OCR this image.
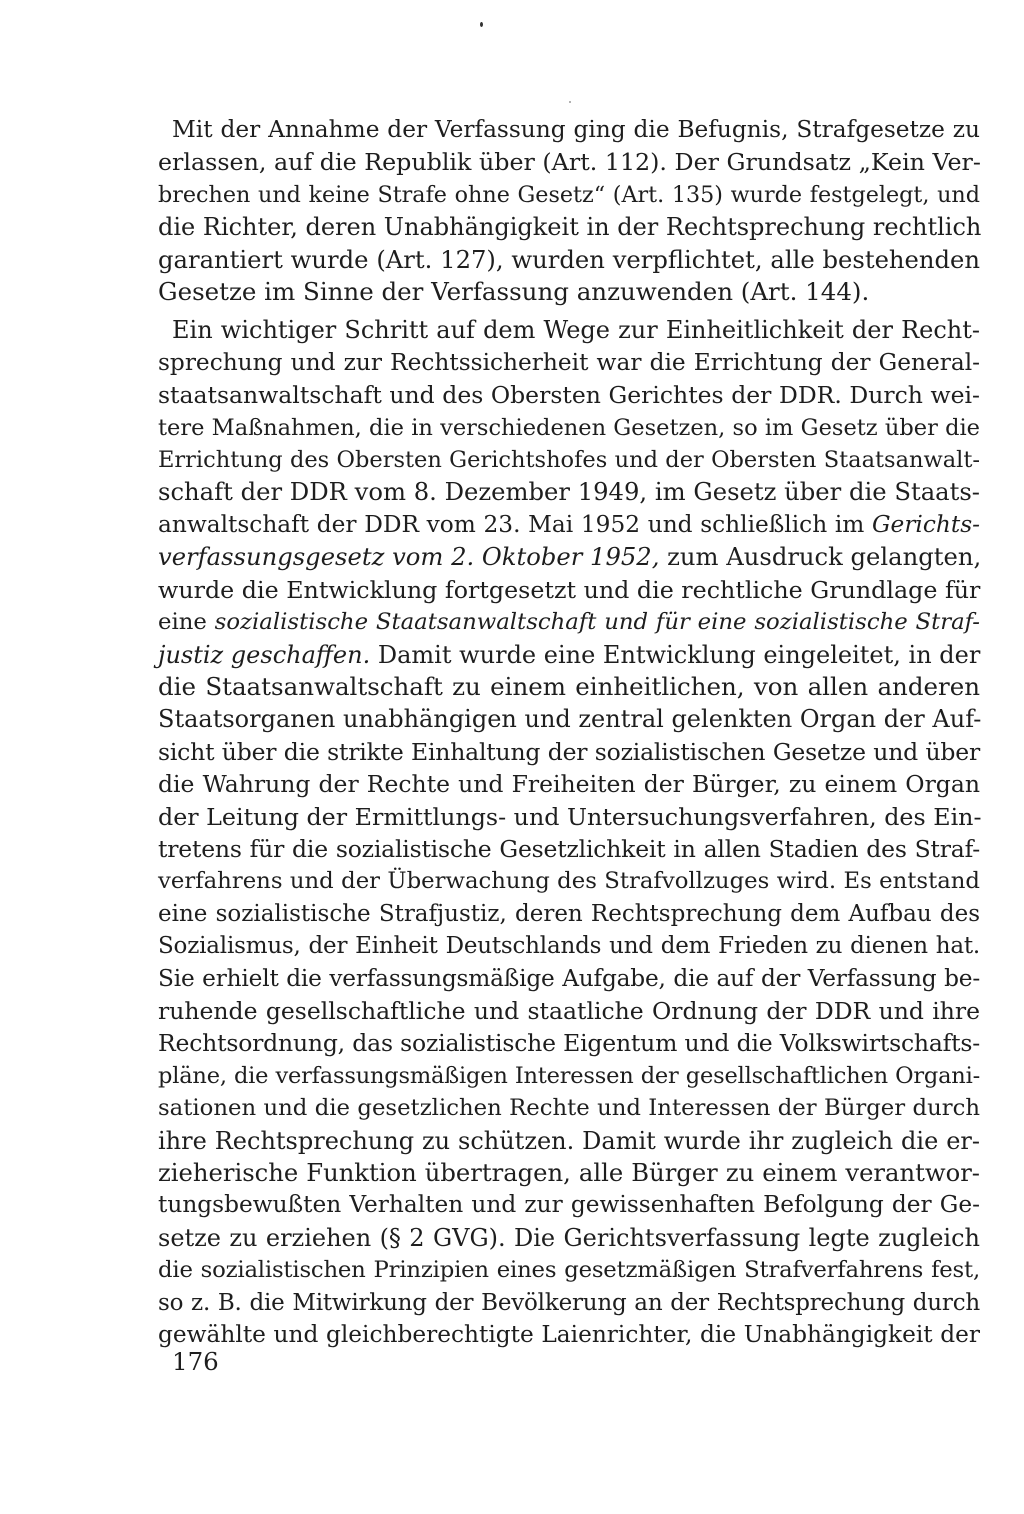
Mit der Annahme der Verfassung ging die Befugnis, Strafgesetze zu
erlassen, auf die Republik über (Art. 112). Der Grundsatz „Kein Ver-
brechen und keine Strafe ohne Gesetz“ (Art. 135) wurde festgelegt, und
die Richter, deren Unabhängigkeit in der Rechtsprechung rechtlich
garantiert wurde (Art. 127), wurden verpflichtet, alle bestehenden
Gesetze im Sinne der Verfassung anzuwenden (Art. 144).
Ein wichtiger Schritt auf dem Wege zur Einheitlichkeit der Recht-
sprechung und zur Rechtssicherheit war die Errichtung der General-
staatsanwaltschaft und des Obersten Gerichtes der DDR. Durch wei-
tere Maßnahmen, die in verschiedenen Gesetzen, so im Gesetz über die
Errichtung des Obersten Gerichtshofes und der Obersten Staatsanwalt-
schaft der DDR vom 8. Dezember 1949, im Gesetz über die Staats-
anwaltschaft der DDR vom 23. Mai 1952 und schließlich im Gerichts-
verfassungsgesetz vom 2. Oktober 1952, zum Ausdruck gelangten,
wurde die Entwicklung fortgesetzt und die rechtliche Grundlage für
eine sozialistische Staatsanwaltschaft und für eine sozialistische Straf-
justiz geschaffen. Damit wurde eine Entwicklung eingeleitet, in der
die Staatsanwaltschaft zu einem einheitlichen, von allen anderen
Staatsorganen unabhängigen und zentral gelenkten Organ der Auf-
sicht über die strikte Einhaltung der sozialistischen Gesetze und über
die Wahrung der Rechte und Freiheiten der Bürger, zu einem Organ
der Leitung der Ermittlungs- und Untersuchungsverfahren, des Ein-
tretens für die sozialistische Gesetzlichkeit in allen Stadien des Straf-
verfahrens und der Überwachung des Strafvollzuges wird. Es entstand
eine sozialistische Strafjustiz, deren Rechtsprechung dem Aufbau des
Sozialismus, der Einheit Deutschlands und dem Frieden zu dienen hat.
Sie erhielt die verfassungsmäßige Aufgabe, die auf der Verfassung be-
ruhende gesellschaftliche und staatliche Ordnung der DDR und ihre
Rechtsordnung, das sozialistische Eigentum und die Volkswirtschafts-
pläne, die verfassungsmäßigen Interessen der gesellschaftlichen Organi-
sationen und die gesetzlichen Rechte und Interessen der Bürger durch
ihre Rechtsprechung zu schützen. Damit wurde ihr zugleich die er-
zieherische Funktion übertragen, alle Bürger zu einem verantwor-
tungsbewußten Verhalten und zur gewissenhaften Befolgung der Ge-
setze zu erziehen (§ 2 GVG). Die Gerichtsverfassung legte zugleich
die sozialistischen Prinzipien eines gesetzmäßigen Strafverfahrens fest,
so z. B. die Mitwirkung der Bevölkerung an der Rechtsprechung durch
gewählte und gleichberechtigte Laienrichter, die Unabhängigkeit der
176
